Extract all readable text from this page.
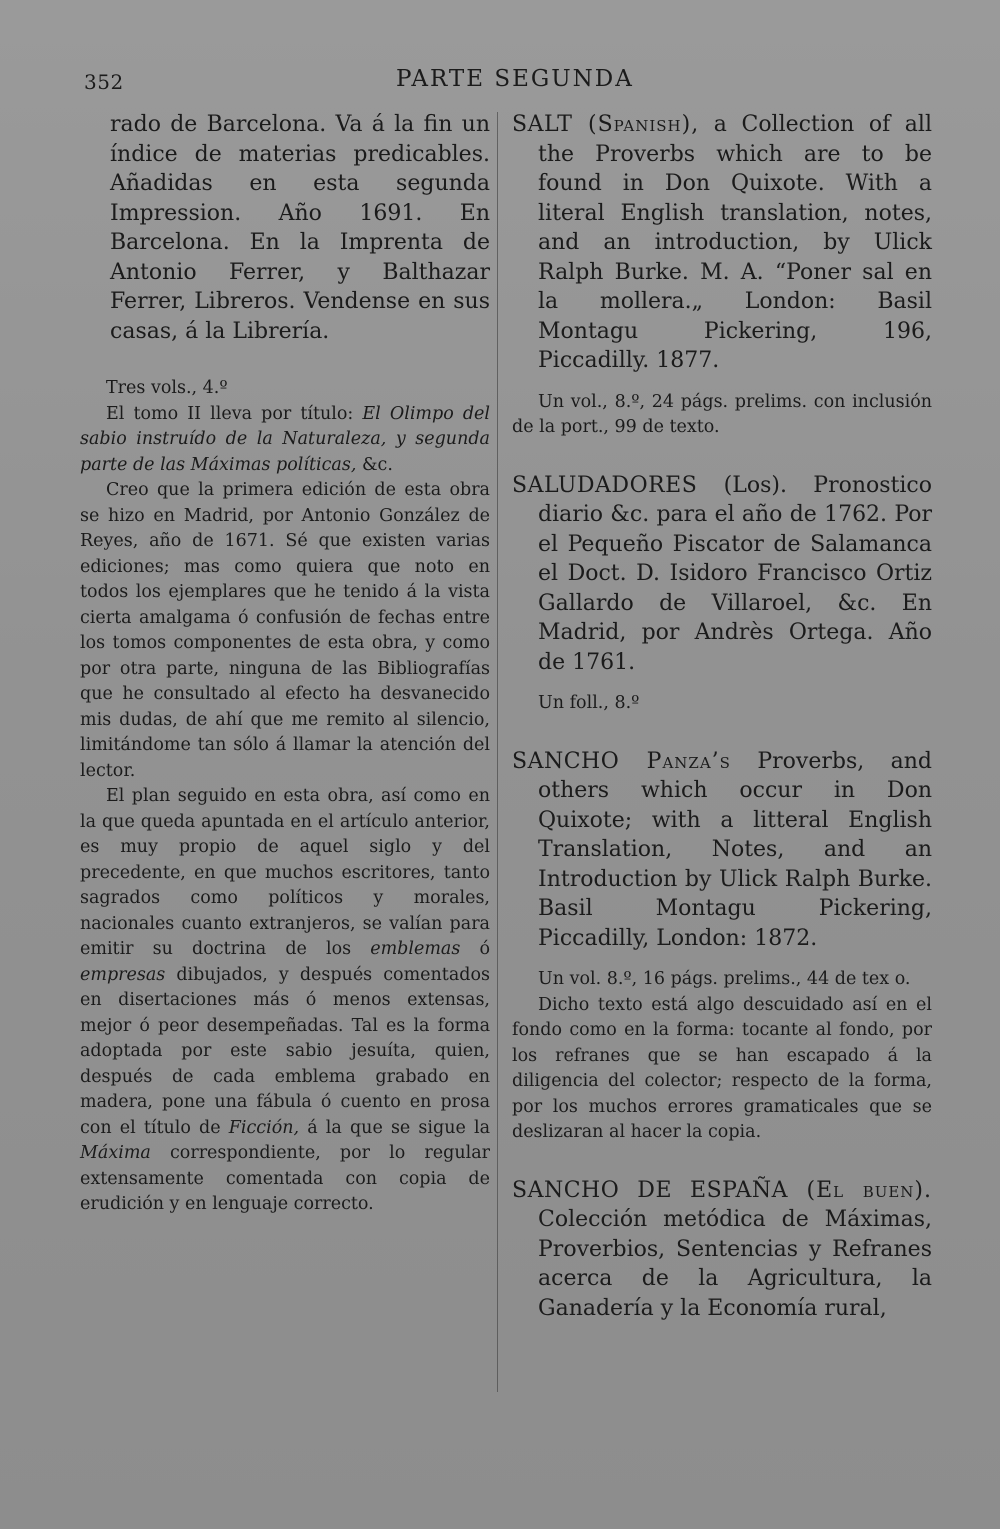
352	PARTE SEGUNDA

rado de Barcelona. Va á la fin un índice de materias predicables. Añadidas en esta segunda Impression. Año 1691. En Barcelona. En la Imprenta de Antonio Ferrer, y Balthazar Ferrer, Libreros. Vendense en sus casas, á la Librería.

Tres vols., 4.º

El tomo II lleva por título: El Olimpo del sabio instruído de la Naturaleza, y segunda parte de las Máximas políticas, &c.

Creo que la primera edición de esta obra se hizo en Madrid, por Antonio González de Reyes, año de 1671. Sé que existen varias ediciones; mas como quiera que noto en todos los ejemplares que he tenido á la vista cierta amalgama ó confusión de fechas entre los tomos componentes de esta obra, y como por otra parte, ninguna de las Bibliografías que he consultado al efecto ha desvanecido mis dudas, de ahí que me remito al silencio, limitándome tan sólo á llamar la atención del lector.

El plan seguido en esta obra, así como en la que queda apuntada en el artículo anterior, es muy propio de aquel siglo y del precedente, en que muchos escritores, tanto sagrados como políticos y morales, nacionales cuanto extranjeros, se valían para emitir su doctrina de los emblemas ó empresas dibujados, y después comentados en disertaciones más ó menos extensas, mejor ó peor desempeñadas. Tal es la forma adoptada por este sabio jesuíta, quien, después de cada emblema grabado en madera, pone una fábula ó cuento en prosa con el título de Ficción, á la que se sigue la Máxima correspondiente, por lo regular extensamente comentada con copia de erudición y en lenguaje correcto.

SALT (Spanish), a Collection of all the Proverbs which are to be found in Don Quixote. With a literal English translation, notes, and an introduction, by Ulick Ralph Burke. M. A. “Poner sal en la mollera.„ London: Basil Montagu Pickering, 196, Piccadilly. 1877.

Un vol., 8.º, 24 págs. prelims. con inclusión de la port., 99 de texto.

SALUDADORES (Los). Pronostico diario &c. para el año de 1762. Por el Pequeño Piscator de Salamanca el Doct. D. Isidoro Francisco Ortiz Gallardo de Villaroel, &c. En Madrid, por Andrès Ortega. Año de 1761.

Un foll., 8.º

SANCHO Panza’s Proverbs, and others which occur in Don Quixote; with a litteral English Translation, Notes, and an Introduction by Ulick Ralph Burke. Basil Montagu Pickering, Piccadilly, London: 1872.

Un vol. 8.º, 16 págs. prelims., 44 de tex o.

Dicho texto está algo descuidado así en el fondo como en la forma: tocante al fondo, por los refranes que se han escapado á la diligencia del colector; respecto de la forma, por los muchos errores gramaticales que se deslizaran al hacer la copia.

SANCHO DE ESPAÑA (El buen). Colección metódica de Máximas, Proverbios, Sentencias y Refranes acerca de la Agricultura, la Ganadería y la Economía rural,
